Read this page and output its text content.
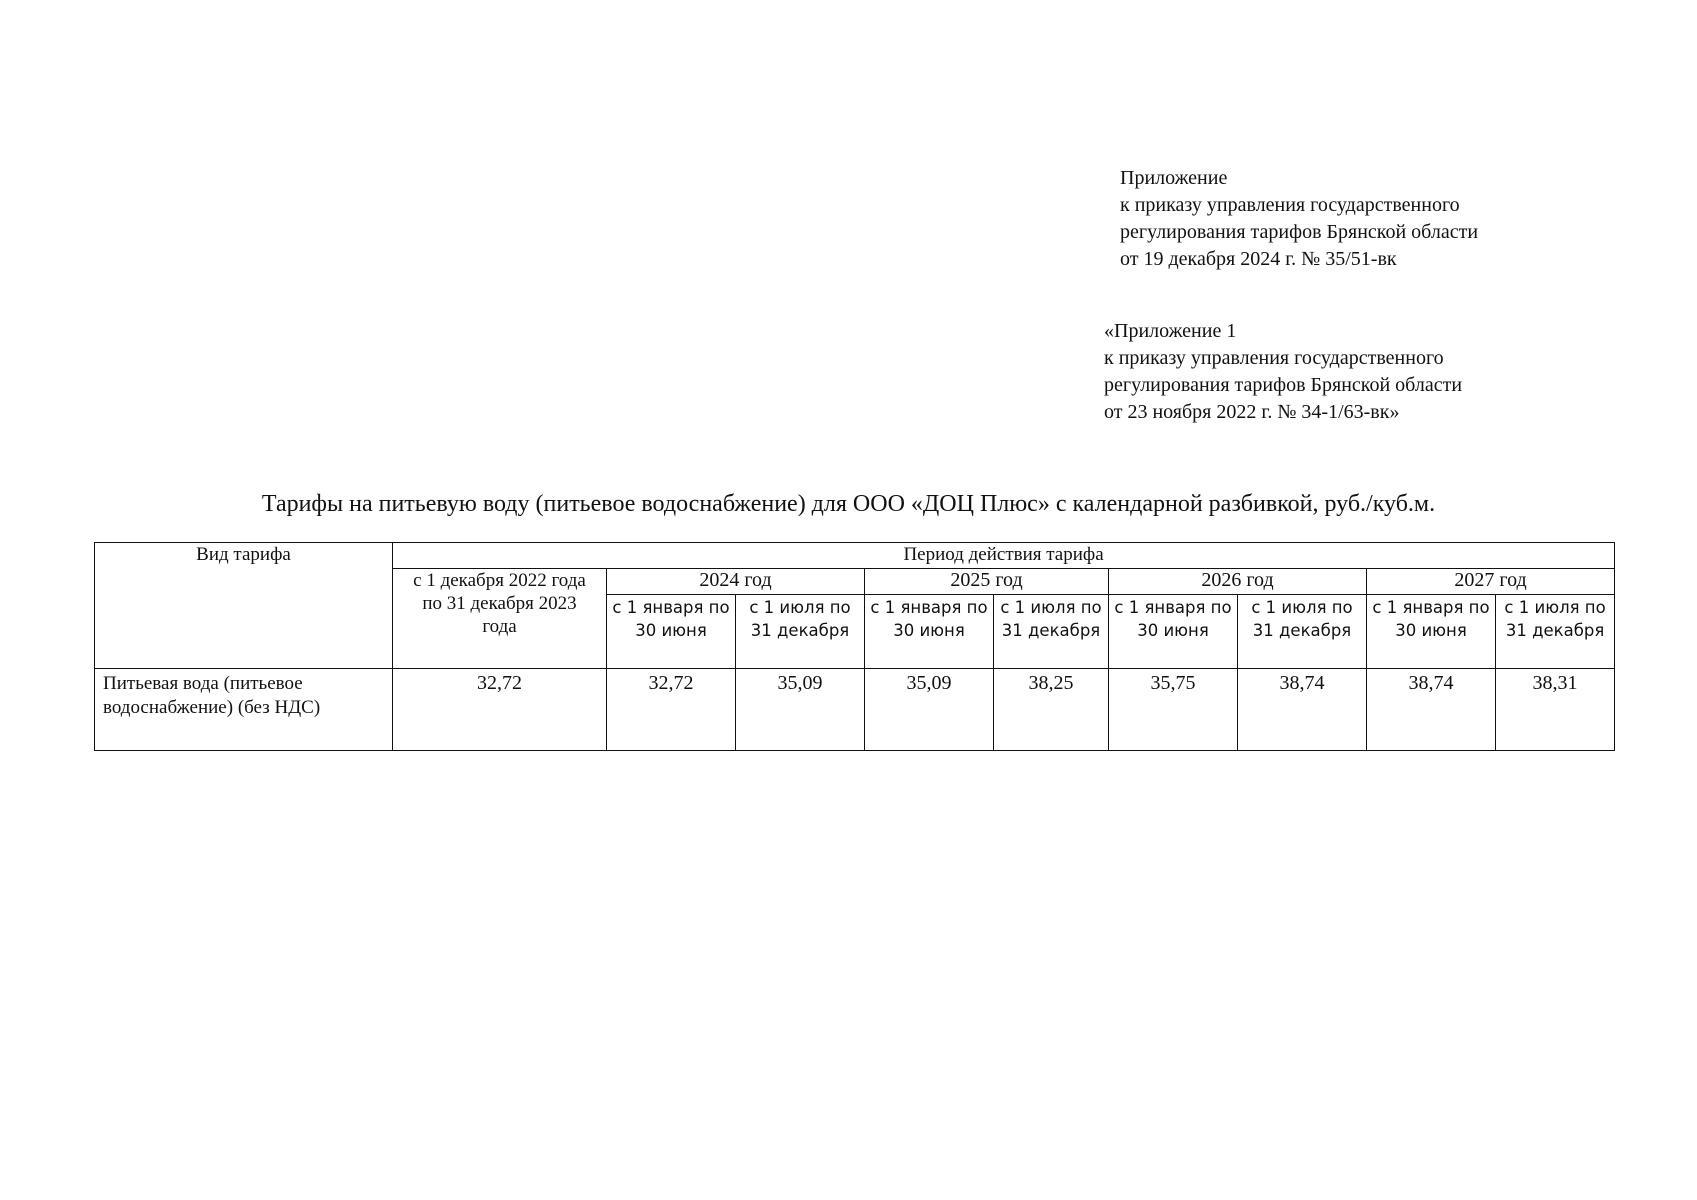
Приложение
к приказу управления государственного
регулирования тарифов Брянской области
от 19 декабря 2024 г. № 35/51-вк
«Приложение 1
к приказу управления государственного
регулирования тарифов Брянской области
от 23 ноября 2022 г. № 34-1/63-вк»
Тарифы на питьевую воду (питьевое водоснабжение) для ООО «ДОЦ Плюс» с календарной разбивкой, руб./куб.м.
Вид тарифа	Период действия тарифа								
	с 1 декабря 2022 года по 31 декабря 2023 года	2024 год		2025 год		2026 год		2027 год	
		с 1 января по 30 июня	с 1 июля по 31 декабря	с 1 января по 30 июня	с 1 июля по 31 декабря	с 1 января по 30 июня	с 1 июля по 31 декабря	с 1 января по 30 июня	с 1 июля по 31 декабря
Питьевая вода (питьевое водоснабжение) (без НДС)	32,72	32,72	35,09	35,09	38,25	35,75	38,74	38,74	38,31
